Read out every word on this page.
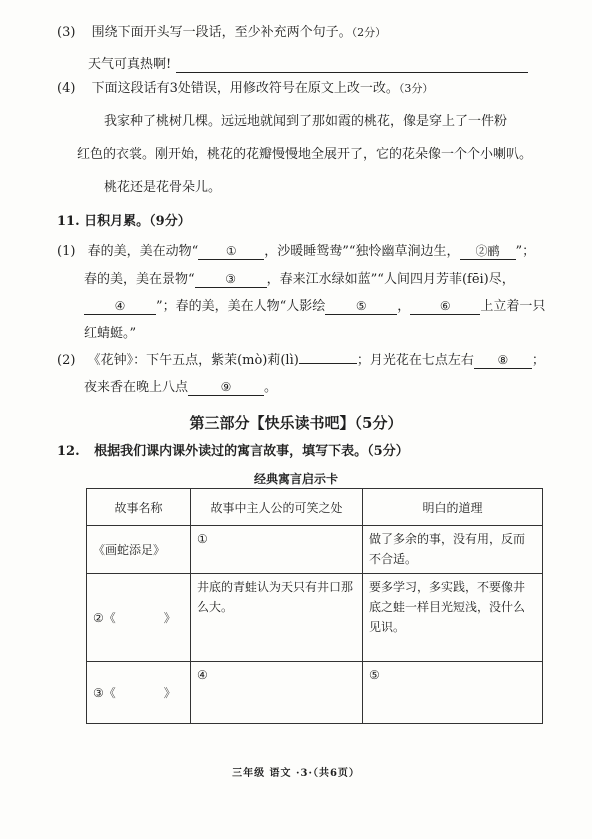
(3) 围绕下面开头写一段话，至少补充两个句子。（2分）
天气可真热啊!
(4) 下面这段话有3处错误，用修改符号在原文上改一改。（3分）
我家种了桃树几棵。远远地就闻到了那如霞的桃花，像是穿上了一件粉
红色的衣裳。刚开始，桃花的花瓣慢慢地全展开了，它的花朵像一个个小喇叭。
桃花还是花骨朵儿。
11. 日积月累。（9分）
(1) 春的美，美在动物“ ① ，沙暖睡鸳鸯”“独怜幽草涧边生， ②鹂 ”；
春的美，美在景物“	③ ，春来江水绿如蓝”“人间四月芳菲(fēi)尽，
④ ”；春的美，美在人物“人影绘	⑤ ， ⑥ 上立着一只
红蜻蜓。”
(2) 《花钟》：下午五点，紫茉(mò)莉(lì)	；月光花在七点左右 ⑧ ；
夜来香在晚上八点	⑨	。
第三部分【快乐读书吧】（5分）
12. 根据我们课内课外读过的寓言故事，填写下表。（5分）
经典寓言启示卡
故事名称	故事中主人公的可笑之处	明白的道理
《画蛇添足》	①	做了多余的事，没有用，反而不合适。
②《　　　　》	井底的青蛙认为天只有井口那么大。	要多学习，多实践，不要像井底之蛙一样目光短浅，没什么见识。
③《　　　　》	④	⑤
三年级 语文 ·3·（共6页）
